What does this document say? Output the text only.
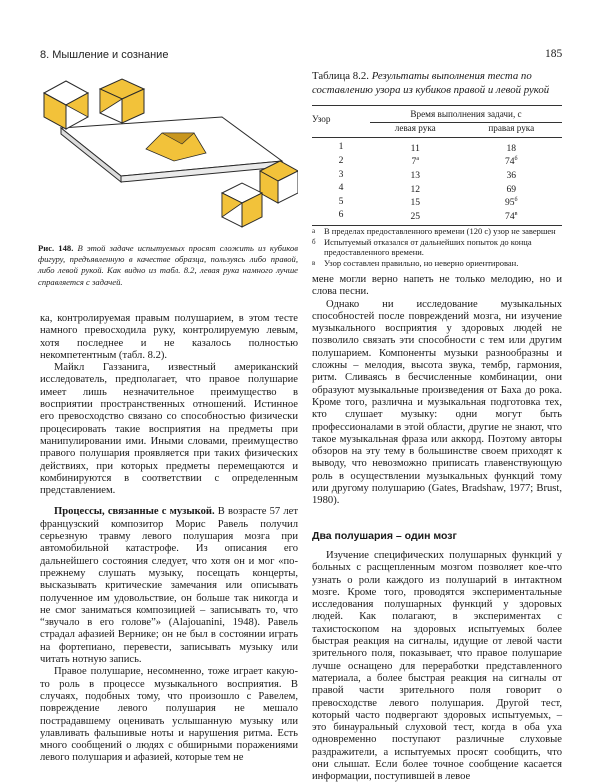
8. Мышление и сознание	185
Рис. 148. В этой задаче испытуемых просят сложить из кубиков фигуру, предъявленную в качестве образца, пользуясь либо правой, либо левой рукой. Как видно из табл. 8.2, левая рука намного лучше справляется с задачей.
Таблица 8.2. Результаты выполнения теста по составлению узора из кубиков правой и левой рукой
Узор	Время выполнения задачи, с	
	левая рука	правая рука
1	11	18
2	7$^a$	$74^б$
3	13	36
4	12	69
5	15	$95^б$
6	25	$74^в$
а	В пределах предоставленного времени (120 с) узор не завершен
б Испытуемый отказался от дальнейших попыток до конца предоставленного времени.
в	Узор составлен правильно, но неверно ориентирован.

ка, контролируемая правым полушарием, в этом тесте намного превосходила руку, контролируемую левым, хотя последнее и не казалось полностью некомпетентным (табл. 8.2).

Майкл Газзанига, известный американский исследователь, предполагает, что правое полушарие имеет лишь незначительное преимущество в восприятии пространственных отношений. Истинное его превосходство связано со способностью физически процеcировать такие восприятия на предметы при манипулировании ими. Иными словами, преимущество правого полушария проявляется при таких физических действиях, при которых предметы перемещаются и комбинируются в соответствии с определенным представлением.

Процессы, связанные с музыкой. В возрасте 57 лет французский композитор Морис Равель получил серьезную травму левого полушария мозга при автомобильной катастрофе. Из описания его дальнейшего состояния следует, что хотя он и мог «по-прежнему слушать музыку, посещать концерты, высказывать критические замечания или описывать полученное им удовольствие, он больше так никогда и не смог заниматься композицией – записывать то, что “звучало в его голове”» (Alajouanini, 1948). Равель страдал афазией Вернике; он не был в состоянии играть на фортепиано, перевести, записывать музыку или читать нотную запись.

Правое полушарие, несомненно, тоже играет какую-то роль в процессе музыкального восприятия. В случаях, подобных тому, что произошло с Равелем, повреждение левого полушария не мешало пострадавшему оценивать услышанную музыку или улавливать фальшивые ноты и нарушения ритма. Есть много сообщений о людях с обширными поражениями левого полушария и афазией, которые тем не

мене могли верно напеть не только мелодию, но и слова песни.

Однако ни исследование музыкальных способностей после повреждений мозга, ни изучение музыкального восприятия у здоровых людей не позволило связать эти способности с тем или другим полушарием. Компоненты музыки разнообразны и сложны – мелодия, высота звука, тембр, гармония, ритм. Сливаясь в бесчисленные комбинации, они образуют музыкальные произведения от Баха до рока. Кроме того, различна и музыкальная подготовка тех, кто слушает музыку: одни могут быть профессионалами в этой области, другие не знают, что такое музыкальная фраза или аккорд. Поэтому авторы обзоров на эту тему в большинстве своем приходят к выводу, что невозможно приписать главенствующую роль в осуществлении музыкальных функций тому или другому полушарию (Gates, Bradshaw, 1977; Brust, 1980).

Два полушария – один мозг

Изучение специфических полушарных функций у больных с расщепленным мозгом позволяет кое-что узнать о роли каждого из полушарий в интактном мозге. Кроме того, проводятся экспериментальные исследования полушарных функций у здоровых людей. Как полагают, в экспериментах с тахистоскопом на здоровых испытуемых более быстрая реакция на сигналы, идущие от левой части зрительного поля, показывает, что правое полушарие лучше оснащено для переработки представленного материала, а более быстрая реакция на сигналы от правой части зрительного поля говорит о превосходстве левого полушария. Другой тест, который часто подвергают здоровых испытуемых, – это бинауральный слуховой тест, когда в оба уха одновременно поступают различные слуховые раздражители, а испытуемых просят сообщить, что они слышат. Если более точное сообщение касается информации, поступившей в левое
